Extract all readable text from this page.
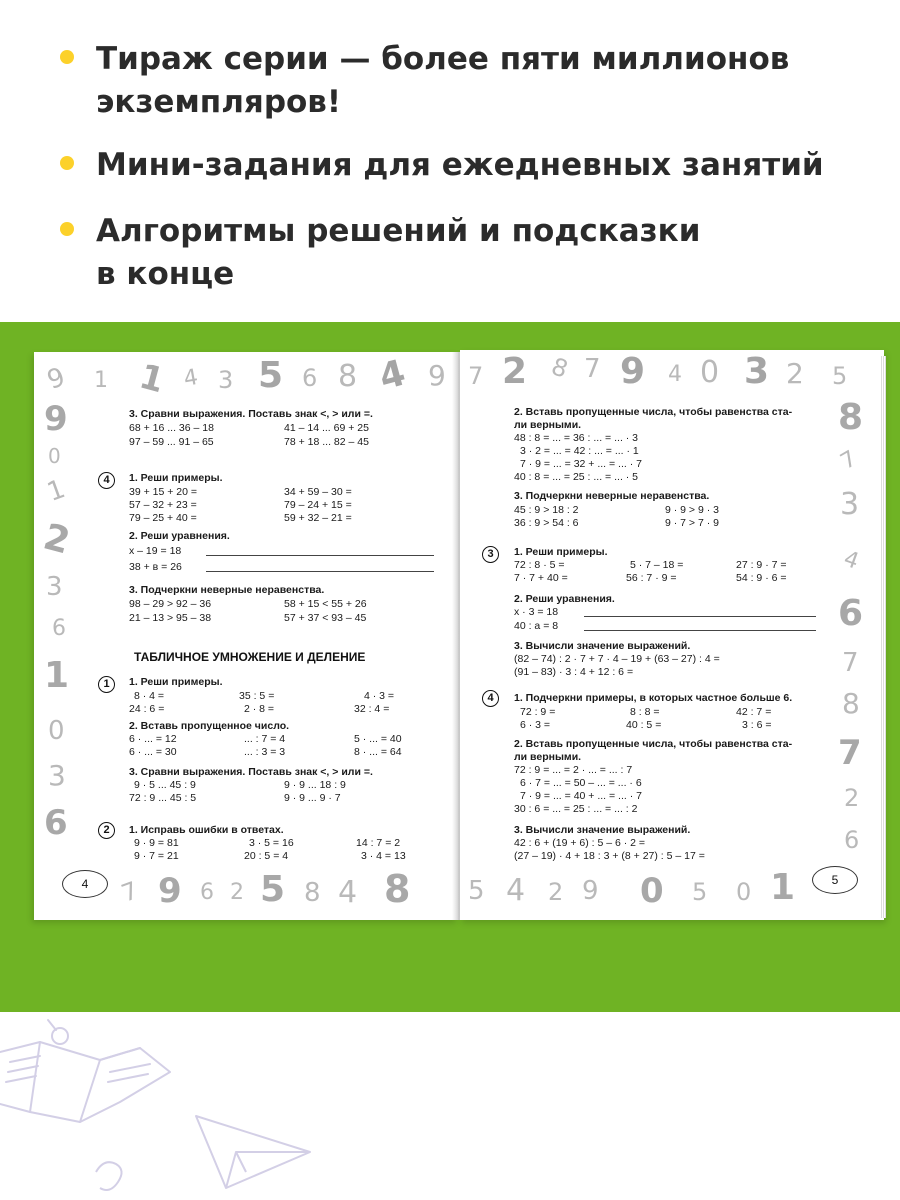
Тираж серии — более пяти миллионов
экземпляров!
Мини-задания для ежедневных занятий
Алгоритмы решений и подсказки
в конце
9 1 1 4 3 5 6 8 4 9
9
0
1
2
3
6
1
0
3
6
7 9 6 2 5 8 4 8
4
3. Сравни выражения. Поставь знак <, > или =.
68 + 16 ... 36 – 18	41 – 14 ... 69 + 25
97 – 59 ... 91 – 65	78 + 18 ... 82 – 45
4	1. Реши примеры.
39 + 15 + 20 =	34 + 59 – 30 =
57 – 32 + 23 =	79 – 24 + 15 =
79 – 25 + 40 =	59 + 32 – 21 =
2. Реши уравнения.
x – 19 = 18
38 + в = 26
3. Подчеркни неверные неравенства.
98 – 29 > 92 – 36	58 + 15 < 55 + 26
21 – 13 > 95 – 38	57 + 37 < 93 – 45
ТАБЛИЧНОЕ УМНОЖЕНИЕ И ДЕЛЕНИЕ
1	1. Реши примеры.
8 · 4 =	35 : 5 =	4 · 3 =
24 : 6 =	2 · 8 =	32 : 4 =
2. Вставь пропущенное число.
6 · ... = 12	... : 7 = 4	5 · ... = 40
6 · ... = 30	... : 3 = 3	8 · ... = 64
3. Сравни выражения. Поставь знак <, > или =.
9 · 5 ... 45 : 9	9 · 9 ... 18 : 9
72 : 9 ... 45 : 5	9 · 9 ... 9 · 7
2	1. Исправь ошибки в ответах.
9 · 9 = 81	3 · 5 = 16	14 : 7 = 2
9 · 7 = 21	20 : 5 = 4	3 · 4 = 13
7 2 8 7 9 4 0 3 2 5
8
7
3
4
6
7
8
7
2
6
5 4 2 9 0 5 0 1	5
2. Вставь пропущенные числа, чтобы равенства ста-
ли верными.
48 : 8 = ... = 36 : ... = ... · 3
3 · 2 = ... = 42 : ... = ... · 1
7 · 9 = ... = 32 + ... = ... · 7
40 : 8 = ... = 25 : ... = ... · 5
3. Подчеркни неверные неравенства.
45 : 9 > 18 : 2	9 · 9 > 9 · 3
36 : 9 > 54 : 6	9 · 7 > 7 · 9
3	1. Реши примеры.
72 : 8 · 5 =	5 · 7 – 18 =	27 : 9 · 7 =
7 · 7 + 40 =	56 : 7 · 9 =	54 : 9 · 6 =
2. Реши уравнения.
x · 3 = 18
40 : a = 8
3. Вычисли значение выражений.
(82 – 74) : 2 · 7 + 7 · 4 – 19 + (63 – 27) : 4 =
(91 – 83) · 3 : 4 + 12 : 6 =
4	1. Подчеркни примеры, в которых частное больше 6.
72 : 9 =	8 : 8 =	42 : 7 =
6 · 3 =	40 : 5 =	3 : 6 =
2. Вставь пропущенные числа, чтобы равенства ста-
ли верными.
72 : 9 = ... = 2 · ... = ... : 7
6 · 7 = ... = 50 – ... = ... · 6
7 · 9 = ... = 40 + ... = ... · 7
30 : 6 = ... = 25 : ... = ... : 2
3. Вычисли значение выражений.
42 : 6 + (19 + 6) : 5 – 6 · 2 =
(27 – 19) · 4 + 18 : 3 + (8 + 27) : 5 – 17 =
